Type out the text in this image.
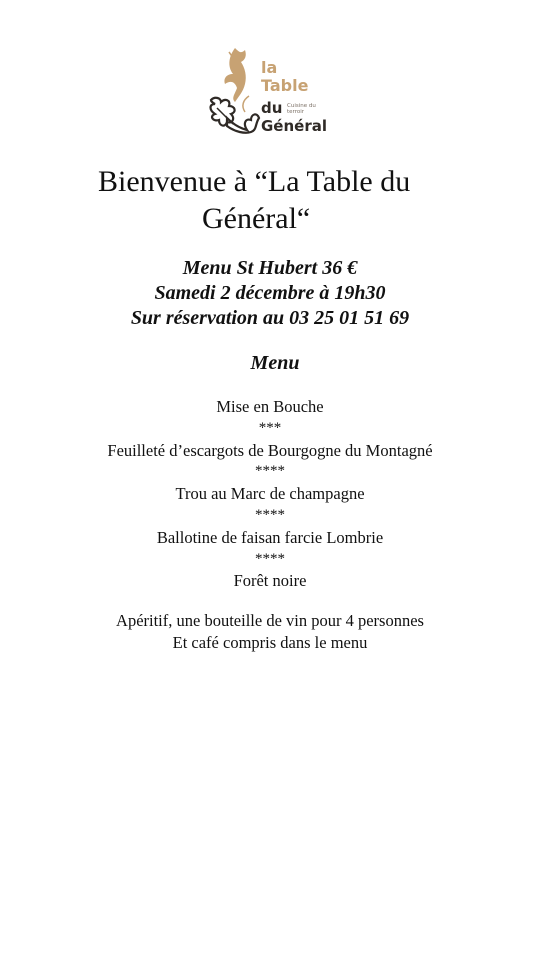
la
Table
du Cuisine du terroir
Général
Bienvenue à “La Table du
Général“
Menu St Hubert 36 €
Samedi 2 décembre à 19h30
Sur réservation au 03 25 01 51 69
Menu
Mise en Bouche
***
Feuilleté d’escargots de Bourgogne du Montagné
****
Trou au Marc de champagne
****
Ballotine de faisan farcie Lombrie
****
Forêt noire
Apéritif, une bouteille de vin pour 4 personnes
Et café compris dans le menu
